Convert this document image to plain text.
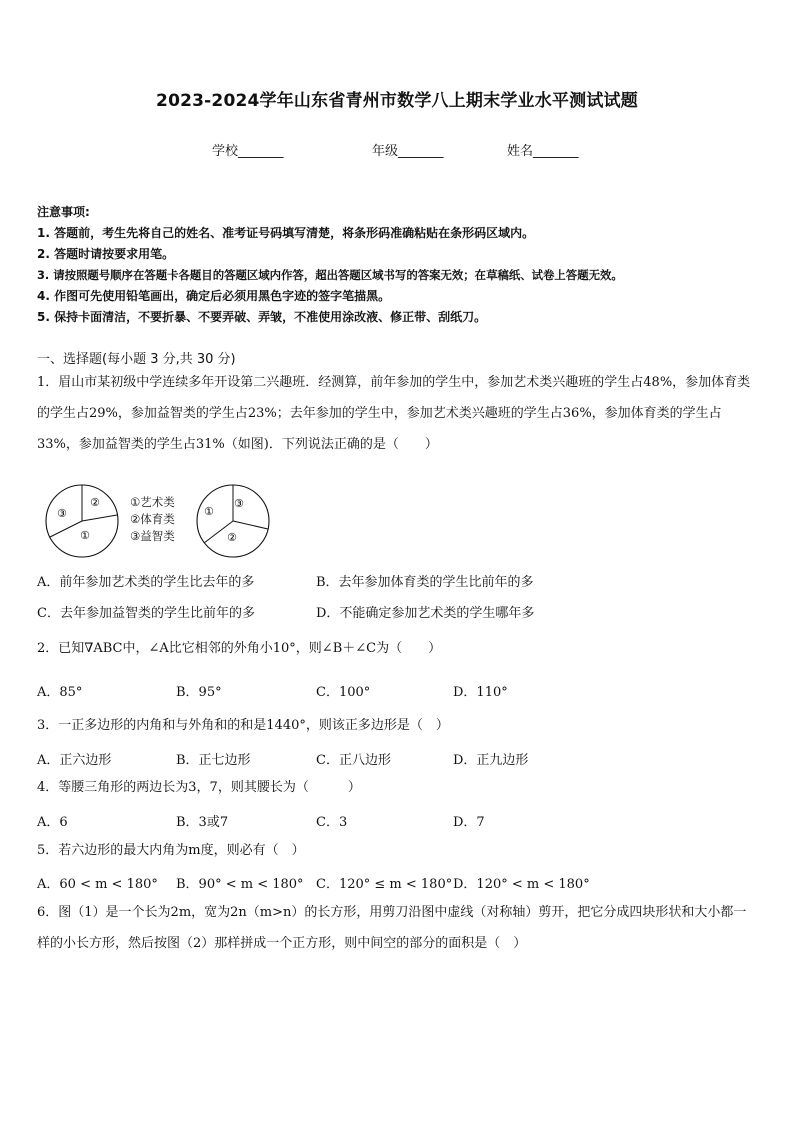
2023-2024学年山东省青州市数学八上期末学业水平测试试题
学校_______	年级_______	姓名_______
注意事项:
1. 答题前，考生先将自己的姓名、准考证号码填写清楚，将条形码准确粘贴在条形码区域内。
2. 答题时请按要求用笔。
3. 请按照题号顺序在答题卡各题目的答题区域内作答，超出答题区域书写的答案无效；在草稿纸、试卷上答题无效。
4. 作图可先使用铅笔画出，确定后必须用黑色字迹的签字笔描黑。
5. 保持卡面清洁，不要折暴、不要弄破、弄皱，不准使用涂改液、修正带、刮纸刀。
一、选择题(每小题 3 分,共 30 分)
1．眉山市某初级中学连续多年开设第二兴趣班．经测算，前年参加的学生中，参加艺术类兴趣班的学生占48%，参加体育类的学生占29%，参加益智类的学生占23%；去年参加的学生中，参加艺术类兴趣班的学生占36%，参加体育类的学生占33%，参加益智类的学生占31%（如图)．下列说法正确的是（　　）
②
③
①
③
①
②
①艺术类
②体育类
③益智类
A．前年参加艺术类的学生比去年的多	B．去年参加体育类的学生比前年的多
C．去年参加益智类的学生比前年的多	D．不能确定参加艺术类的学生哪年多
2．已知∇ABC中，∠A比它相邻的外角小10°，则∠B＋∠C为（　　）
A．85°	B．95°	C．100°	D．110°
3．一正多边形的内角和与外角和的和是1440°，则该正多边形是（　）
A．正六边形	B．正七边形	C．正八边形	D．正九边形
4．等腰三角形的两边长为3，7，则其腰长为（　　　）
A．6	B．3或7	C．3	D．7
5．若六边形的最大内角为m度，则必有（　）
A．60 < m < 180° B．90° < m < 180° C．120° ≤ m < 180° D．120° < m < 180°
6．图（1）是一个长为2m，宽为2n（m>n）的长方形，用剪刀沿图中虚线（对称轴）剪开，把它分成四块形状和大小都一样的小长方形，然后按图（2）那样拼成一个正方形，则中间空的部分的面积是（　）
